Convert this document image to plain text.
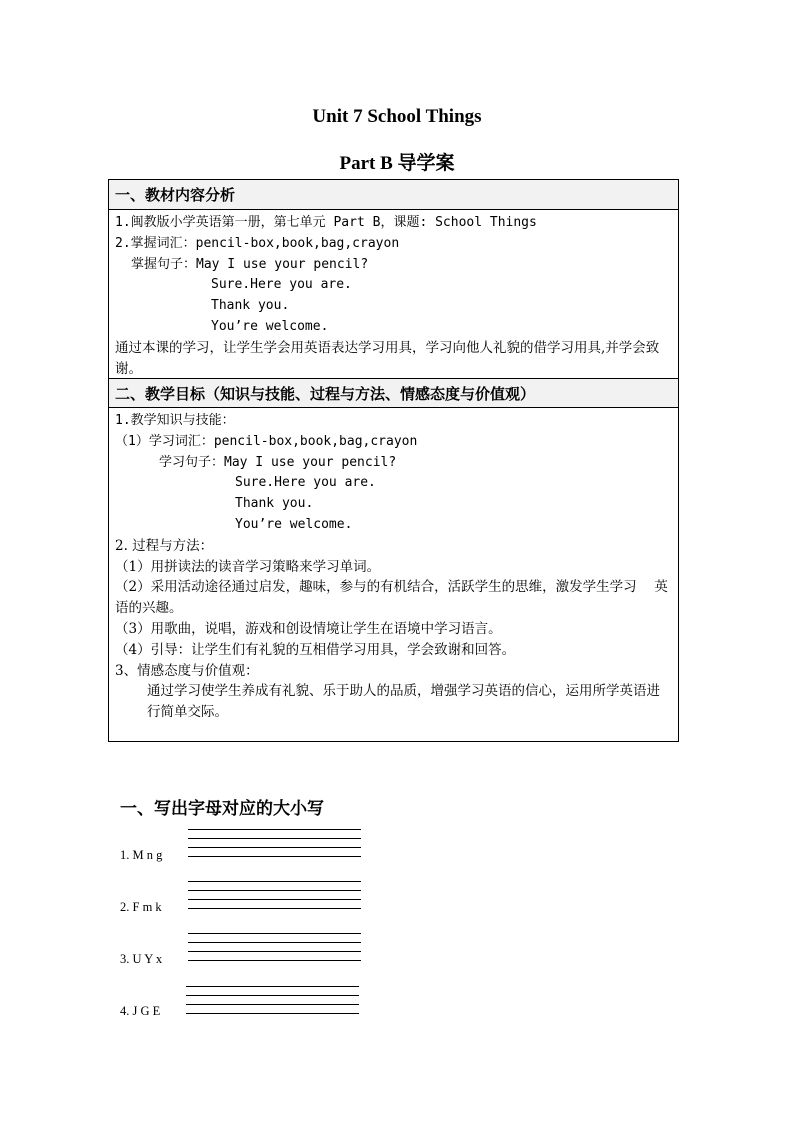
Unit 7 School Things
Part B 导学案
一、教材内容分析
1.闽教版小学英语第一册，第七单元 Part B，课题: School Things
2.掌握词汇：pencil-box,book,bag,crayon
掌握句子：May I use your pencil?
Sure.Here you are.
Thank you.
You’re welcome.
通过本课的学习，让学生学会用英语表达学习用具，学习向他人礼貌的借学习用具,并学会致谢。
二、教学目标（知识与技能、过程与方法、情感态度与价值观）
1.教学知识与技能：
（1）学习词汇：pencil-box,book,bag,crayon
学习句子：May I use your pencil?
Sure.Here you are.
Thank you.
You’re welcome.
2. 过程与方法：
（1）用拼读法的读音学习策略来学习单词。
（2）采用活动途径通过启发，趣味，参与的有机结合，活跃学生的思维，激发学生学习　 英语的兴趣。
（3）用歌曲，说唱，游戏和创设情境让学生在语境中学习语言。
（4）引导：让学生们有礼貌的互相借学习用具，学会致谢和回答。
3、情感态度与价值观：
通过学习使学生养成有礼貌、乐于助人的品质，增强学习英语的信心，运用所学英语进行简单交际。
一、写出字母对应的大小写
1. M n g
2. F m k
3. U Y x
4. J G E
